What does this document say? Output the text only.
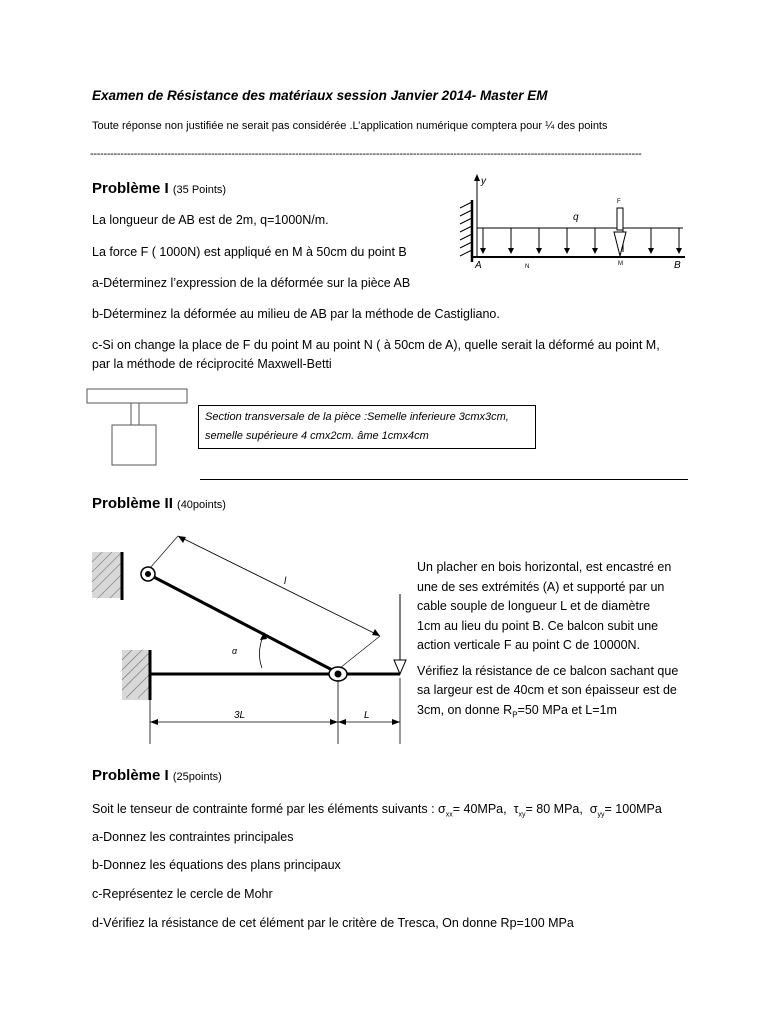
Examen de Résistance des matériaux session Janvier 2014- Master EM
Toute réponse non justifiée ne serait pas considérée .L’application numérique comptera pour ¼ des points
--------------------------------------------------------------------------------------------------------------------------------------------------------------------
Problème I (35 Points)
La longueur de AB est de 2m, q=1000N/m.
La force F ( 1000N) est appliqué en M à 50cm du point B
a-Déterminez l’expression de la déformée sur la pièce AB
b-Déterminez la déformée au milieu de AB par la méthode de Castigliano.
c-Si on change la place de F du point M au point N ( à 50cm de A), quelle serait la déformé au point M,
par la méthode de réciprocité Maxwell-Betti
y
q
F
A	N	M	B
Section transversale de la pièce :Semelle inferieure 3cmx3cm,
semelle supérieure 4 cmx2cm. âme 1cmx4cm
Problème II (40points)
l
α
3L	L
Un placher en bois horizontal, est encastré en
une de ses extrémités (A) et supporté par un
cable souple de longueur L et de diamètre
1cm au lieu du point B. Ce balcon subit une
action verticale F au point C de 10000N.
Vérifiez la résistance de ce balcon sachant que
sa largeur est de 40cm et son épaisseur est de
3cm, on donne $R_P=50$ MPa et L=1m
Problème I (25points)
Soit le tenseur de contrainte formé par les éléments suivants : $\sigma_{xx}= 40MPa$, $\tau_{xy}= 80$ MPa, $\sigma_{yy}= 100MPa$
a-Donnez les contraintes principales
b-Donnez les équations des plans principaux
c-Représentez le cercle de Mohr
d-Vérifiez la résistance de cet élément par le critère de Tresca, On donne Rp=100 MPa
